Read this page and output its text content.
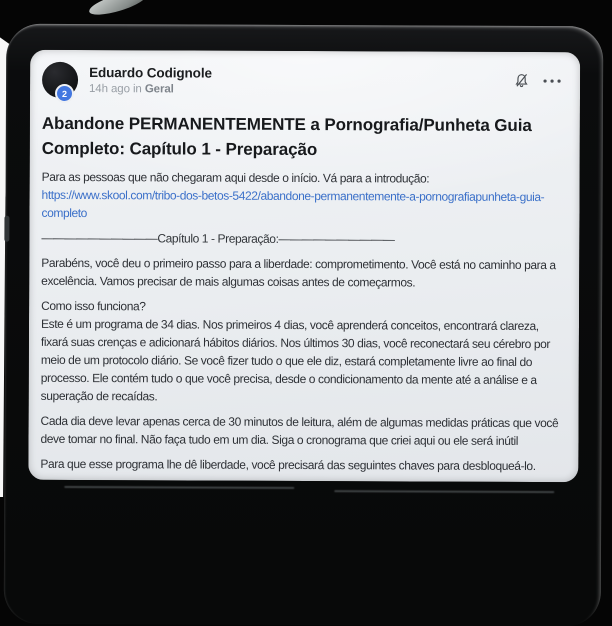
2
Eduardo Codignole
14h ago in Geral
Abandone PERMANENTEMENTE a Pornografia/Punheta Guia Completo: Capítulo 1 - Preparação

Para as pessoas que não chegaram aqui desde o início. Vá para a introdução: https://www.skool.com/tribo-dos-betos-5422/abandone-permanentemente-a-pornografiapunheta-guia-completo

——————————Capítulo 1 - Preparação:——————————

Parabéns, você deu o primeiro passo para a liberdade: comprometimento. Você está no caminho para a excelência. Vamos precisar de mais algumas coisas antes de começarmos.

Como isso funciona?
Este é um programa de 34 dias. Nos primeiros 4 dias, você aprenderá conceitos, encontrará clareza, fixará suas crenças e adicionará hábitos diários. Nos últimos 30 dias, você reconectará seu cérebro por meio de um protocolo diário. Se você fizer tudo o que ele diz, estará completamente livre ao final do processo. Ele contém tudo o que você precisa, desde o condicionamento da mente até a análise e a superação de recaídas.

Cada dia deve levar apenas cerca de 30 minutos de leitura, além de algumas medidas práticas que você deve tomar no final. Não faça tudo em um dia. Siga o cronograma que criei aqui ou ele será inútil

Para que esse programa lhe dê liberdade, você precisará das seguintes chaves para desbloqueá-lo.
